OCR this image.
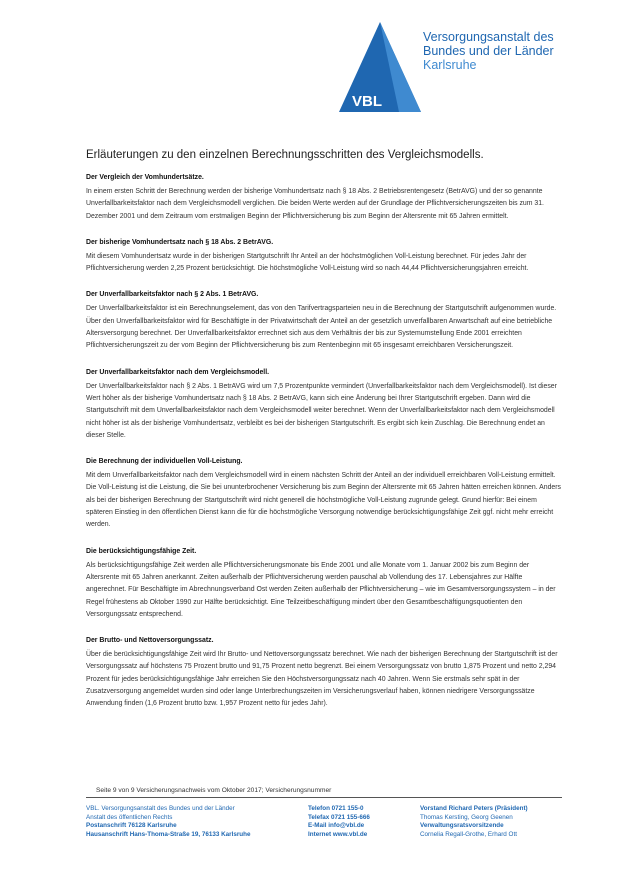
VBL
Versorgungsanstalt des
Bundes und der Länder
Karlsruhe
Erläuterungen zu den einzelnen Berechnungsschritten des Vergleichsmodells.
Der Vergleich der Vomhundertsätze.

In einem ersten Schritt der Berechnung werden der bisherige Vomhundertsatz nach § 18 Abs. 2 Betriebsrentengesetz (BetrAVG) und der so genannte Unverfallbarkeitsfaktor nach dem Vergleichsmodell verglichen. Die beiden Werte werden auf der Grundlage der Pflichtversicherungszeiten bis zum 31. Dezember 2001 und dem Zeitraum vom erstmaligen Beginn der Pflichtversicherung bis zum Beginn der Altersrente mit 65 Jahren ermittelt.

Der bisherige Vomhundertsatz nach § 18 Abs. 2 BetrAVG.

Mit diesem Vomhundertsatz wurde in der bisherigen Startgutschrift Ihr Anteil an der höchstmöglichen Voll-Leistung berechnet. Für jedes Jahr der Pflichtversicherung werden 2,25 Prozent berücksichtigt. Die höchstmögliche Voll-Leistung wird so nach 44,44 Pflichtversicherungsjahren erreicht.

Der Unverfallbarkeitsfaktor nach § 2 Abs. 1 BetrAVG.

Der Unverfallbarkeitsfaktor ist ein Berechnungselement, das von den Tarifvertragsparteien neu in die Berechnung der Startgutschrift aufgenommen wurde. Über den Unverfallbarkeitsfaktor wird für Beschäftigte in der Privatwirtschaft der Anteil an der gesetzlich unverfallbaren Anwartschaft auf eine betriebliche Altersversorgung berechnet. Der Unverfallbarkeitsfaktor errechnet sich aus dem Verhältnis der bis zur Systemumstellung Ende 2001 erreichten Pflichtversicherungszeit zu der vom Beginn der Pflichtversicherung bis zum Rentenbeginn mit 65 insgesamt erreichbaren Versicherungszeit.

Der Unverfallbarkeitsfaktor nach dem Vergleichsmodell.

Der Unverfallbarkeitsfaktor nach § 2 Abs. 1 BetrAVG wird um 7,5 Prozentpunkte vermindert (Unverfallbarkeitsfaktor nach dem Vergleichsmodell). Ist dieser Wert höher als der bisherige Vomhundertsatz nach § 18 Abs. 2 BetrAVG, kann sich eine Änderung bei Ihrer Startgutschrift ergeben. Dann wird die Startgutschrift mit dem Unverfallbarkeitsfaktor nach dem Vergleichsmodell weiter berechnet. Wenn der Unverfallbarkeitsfaktor nach dem Vergleichsmodell nicht höher ist als der bisherige Vomhundertsatz, verbleibt es bei der bisherigen Startgutschrift. Es ergibt sich kein Zuschlag. Die Berechnung endet an dieser Stelle.

Die Berechnung der individuellen Voll-Leistung.

Mit dem Unverfallbarkeitsfaktor nach dem Vergleichsmodell wird in einem nächsten Schritt der Anteil an der individuell erreichbaren Voll-Leistung ermittelt. Die Voll-Leistung ist die Leistung, die Sie bei ununterbrochener Versicherung bis zum Beginn der Altersrente mit 65 Jahren hätten erreichen können. Anders als bei der bisherigen Berechnung der Startgutschrift wird nicht generell die höchstmögliche Voll-Leistung zugrunde gelegt. Grund hierfür: Bei einem späteren Einstieg in den öffentlichen Dienst kann die für die höchstmögliche Versorgung notwendige berücksichtigungsfähige Zeit ggf. nicht mehr erreicht werden.

Die berücksichtigungsfähige Zeit.

Als berücksichtigungsfähige Zeit werden alle Pflichtversicherungsmonate bis Ende 2001 und alle Monate vom 1. Januar 2002 bis zum Beginn der Altersrente mit 65 Jahren anerkannt. Zeiten außerhalb der Pflichtversicherung werden pauschal ab Vollendung des 17. Lebensjahres zur Hälfte angerechnet. Für Beschäftigte im Abrechnungsverband Ost werden Zeiten außerhalb der Pflichtversicherung – wie im Gesamtversorgungssystem – in der Regel frühestens ab Oktober 1990 zur Hälfte berücksichtigt. Eine Teilzeitbeschäftigung mindert über den Gesamtbeschäftigungsquotienten den Versorgungssatz entsprechend.

Der Brutto- und Nettoversorgungssatz.

Über die berücksichtigungsfähige Zeit wird Ihr Brutto- und Nettoversorgungssatz berechnet. Wie nach der bisherigen Berechnung der Startgutschrift ist der Versorgungssatz auf höchstens 75 Prozent brutto und 91,75 Prozent netto begrenzt. Bei einem Versorgungssatz von brutto 1,875 Prozent und netto 2,294 Prozent für jedes berücksichtigungsfähige Jahr erreichen Sie den Höchstversorgungssatz nach 40 Jahren. Wenn Sie erstmals sehr spät in der Zusatzversorgung angemeldet wurden sind oder lange Unterbrechungszeiten im Versicherungsverlauf haben, können niedrigere Versorgungssätze Anwendung finden (1,6 Prozent brutto bzw. 1,957 Prozent netto für jedes Jahr).

Seite 9 von 9 Versicherungsnachweis vom Oktober 2017; Versicherungsnummer
VBL. Versorgungsanstalt des Bundes und der Länder
Anstalt des öffentlichen Rechts
Postanschrift 76128 Karlsruhe
Hausanschrift Hans-Thoma-Straße 19, 76133 Karlsruhe
Telefon 0721 155-0
Telefax 0721 155-666
E-Mail info@vbl.de
Internet www.vbl.de
Vorstand Richard Peters (Präsident)
Thomas Kersting, Georg Geenen
Verwaltungsratsvorsitzende
Cornelia Regall-Grothe, Erhard Ott
